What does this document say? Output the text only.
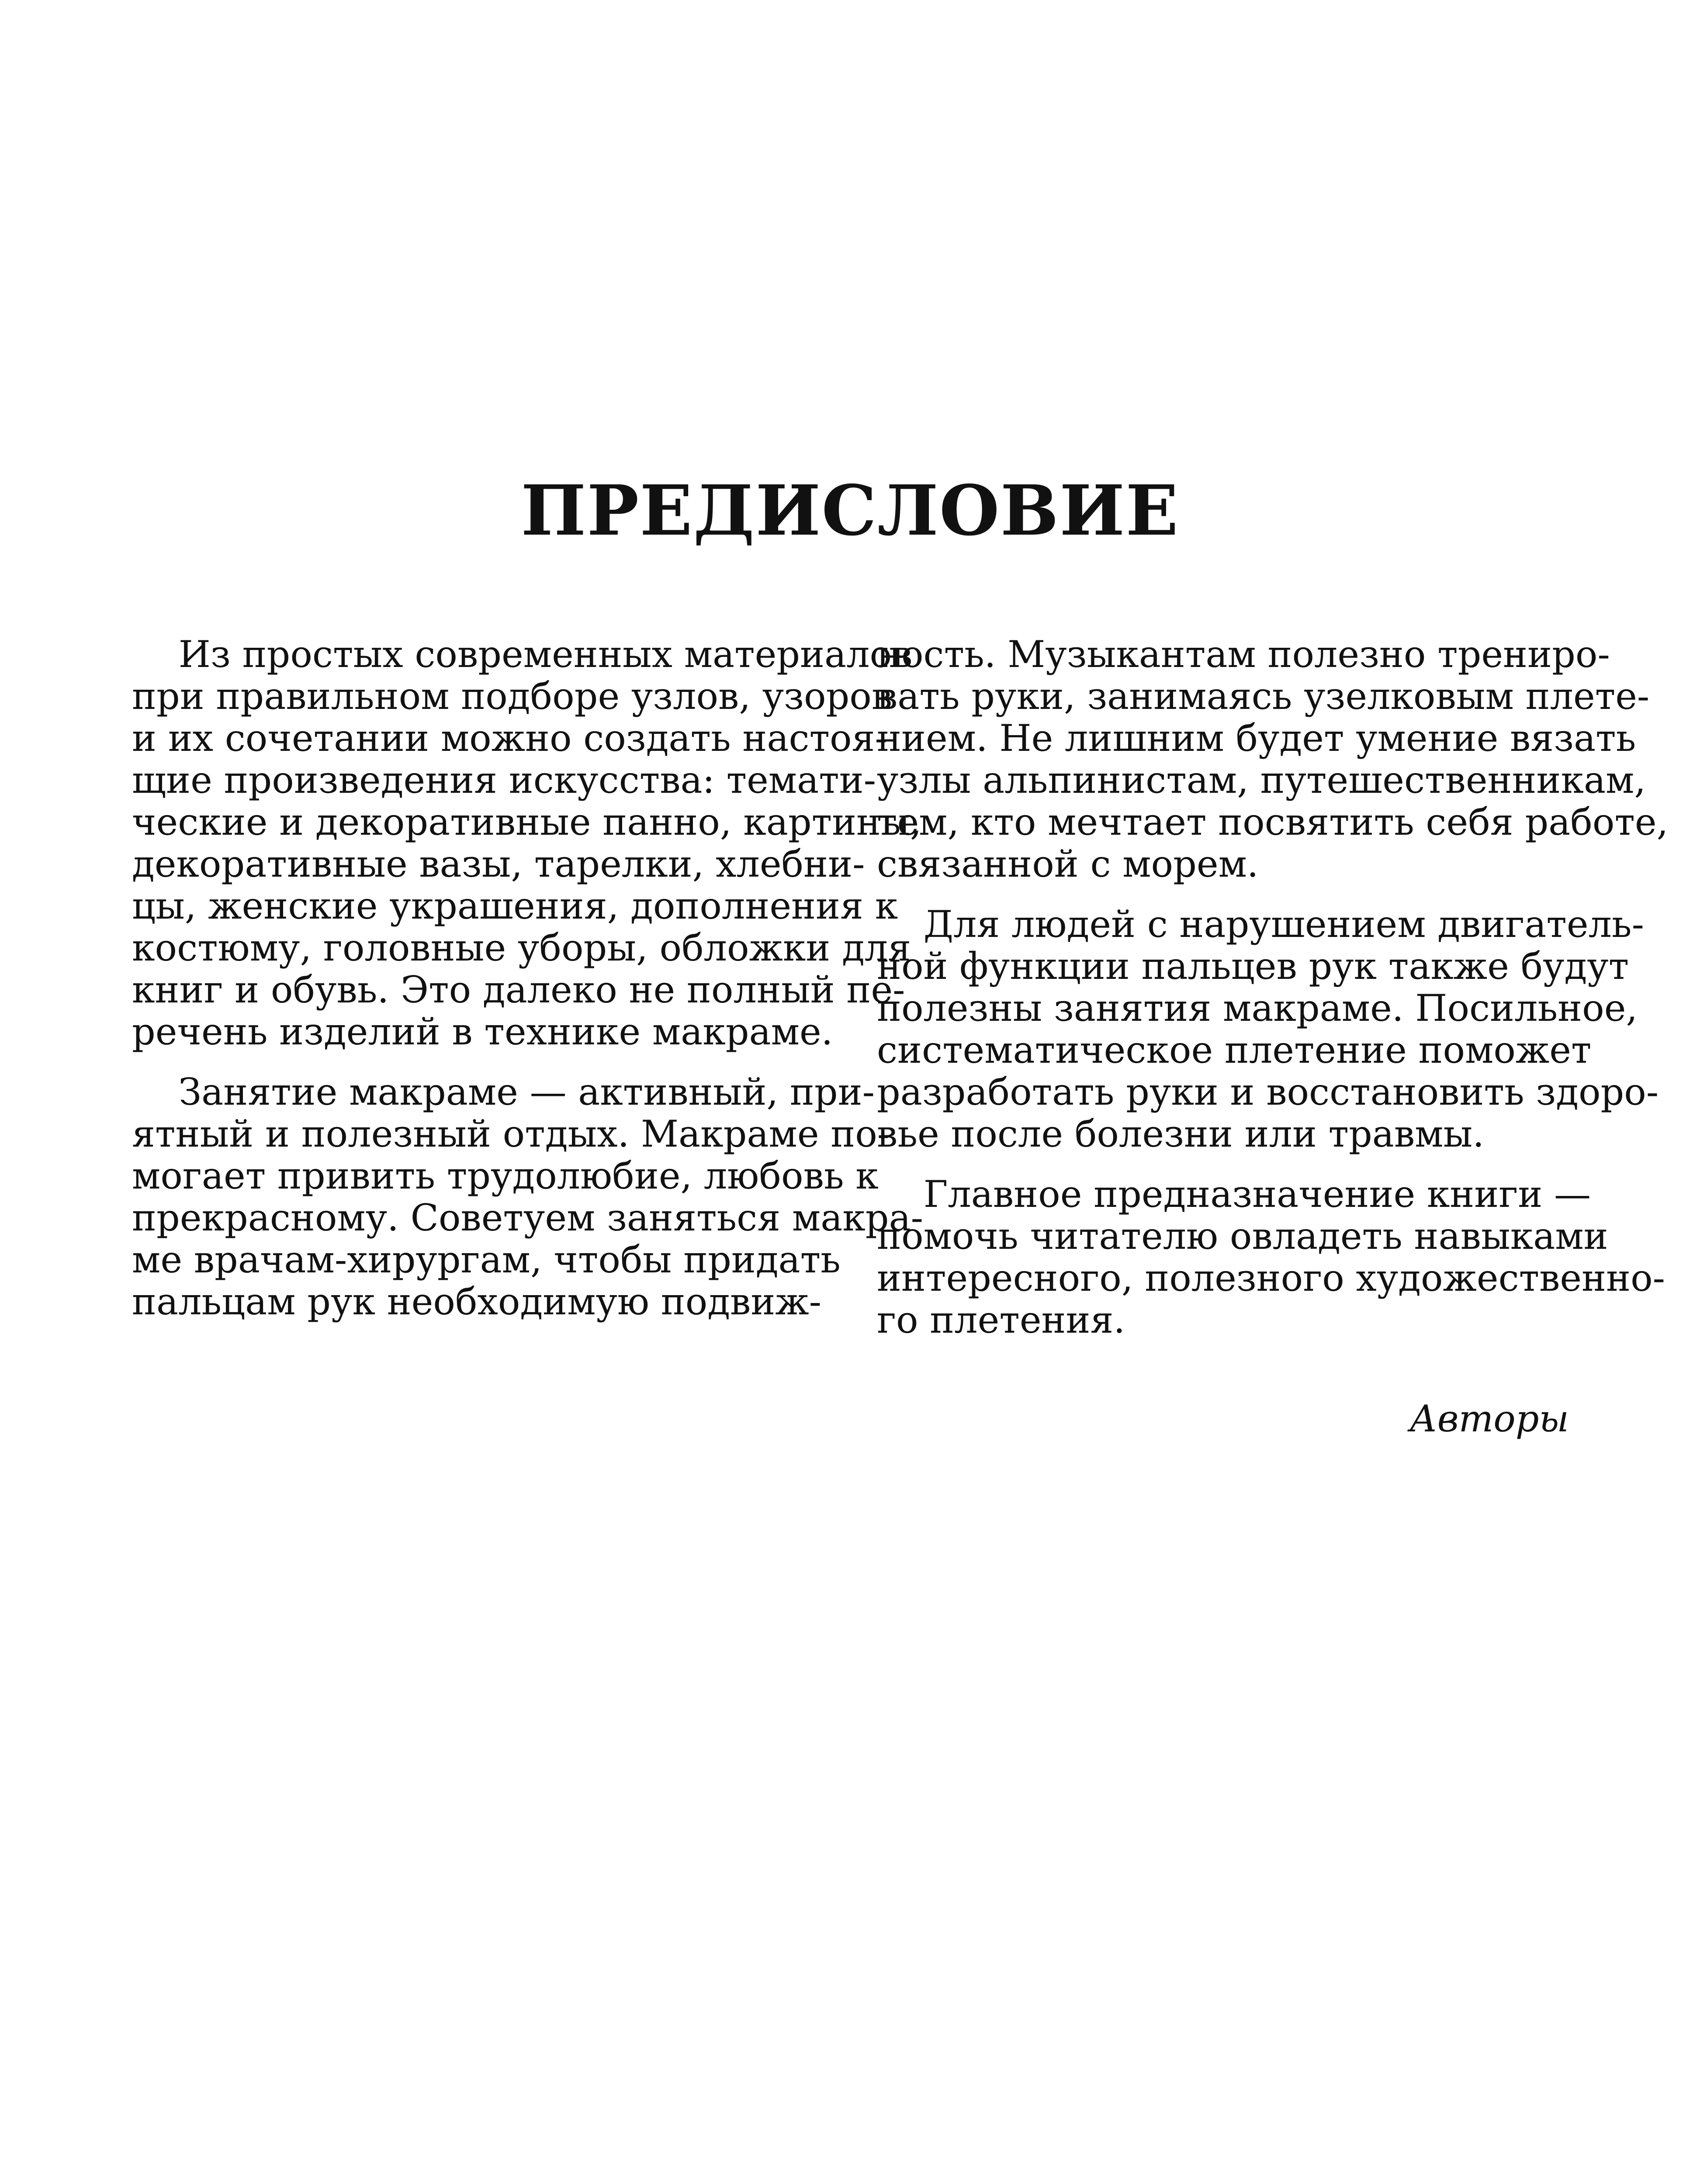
ПРЕДИСЛОВИЕ
Из простых современных материалов
при правильном подборе узлов, узоров
и их сочетании можно создать настоя-
щие произведения искусства: темати-
ческие и декоративные панно, картины,
декоративные вазы, тарелки, хлебни-
цы, женские украшения, дополнения к
костюму, головные уборы, обложки для
книг и обувь. Это далеко не полный пе-
речень изделий в технике макраме.
Занятие макраме — активный, при-
ятный и полезный отдых. Макраме по-
могает привить трудолюбие, любовь к
прекрасному. Советуем заняться макра-
ме врачам-хирургам, чтобы придать
пальцам рук необходимую подвиж-
ность. Музыкантам полезно трениро-
вать руки, занимаясь узелковым плете-
нием. Не лишним будет умение вязать
узлы альпинистам, путешественникам,
тем, кто мечтает посвятить себя работе,
связанной с морем.
Для людей с нарушением двигатель-
ной функции пальцев рук также будут
полезны занятия макраме. Посильное,
систематическое плетение поможет
разработать руки и восстановить здоро-
вье после болезни или травмы.
Главное предназначение книги —
помочь читателю овладеть навыками
интересного, полезного художественно-
го плетения.
Авторы
